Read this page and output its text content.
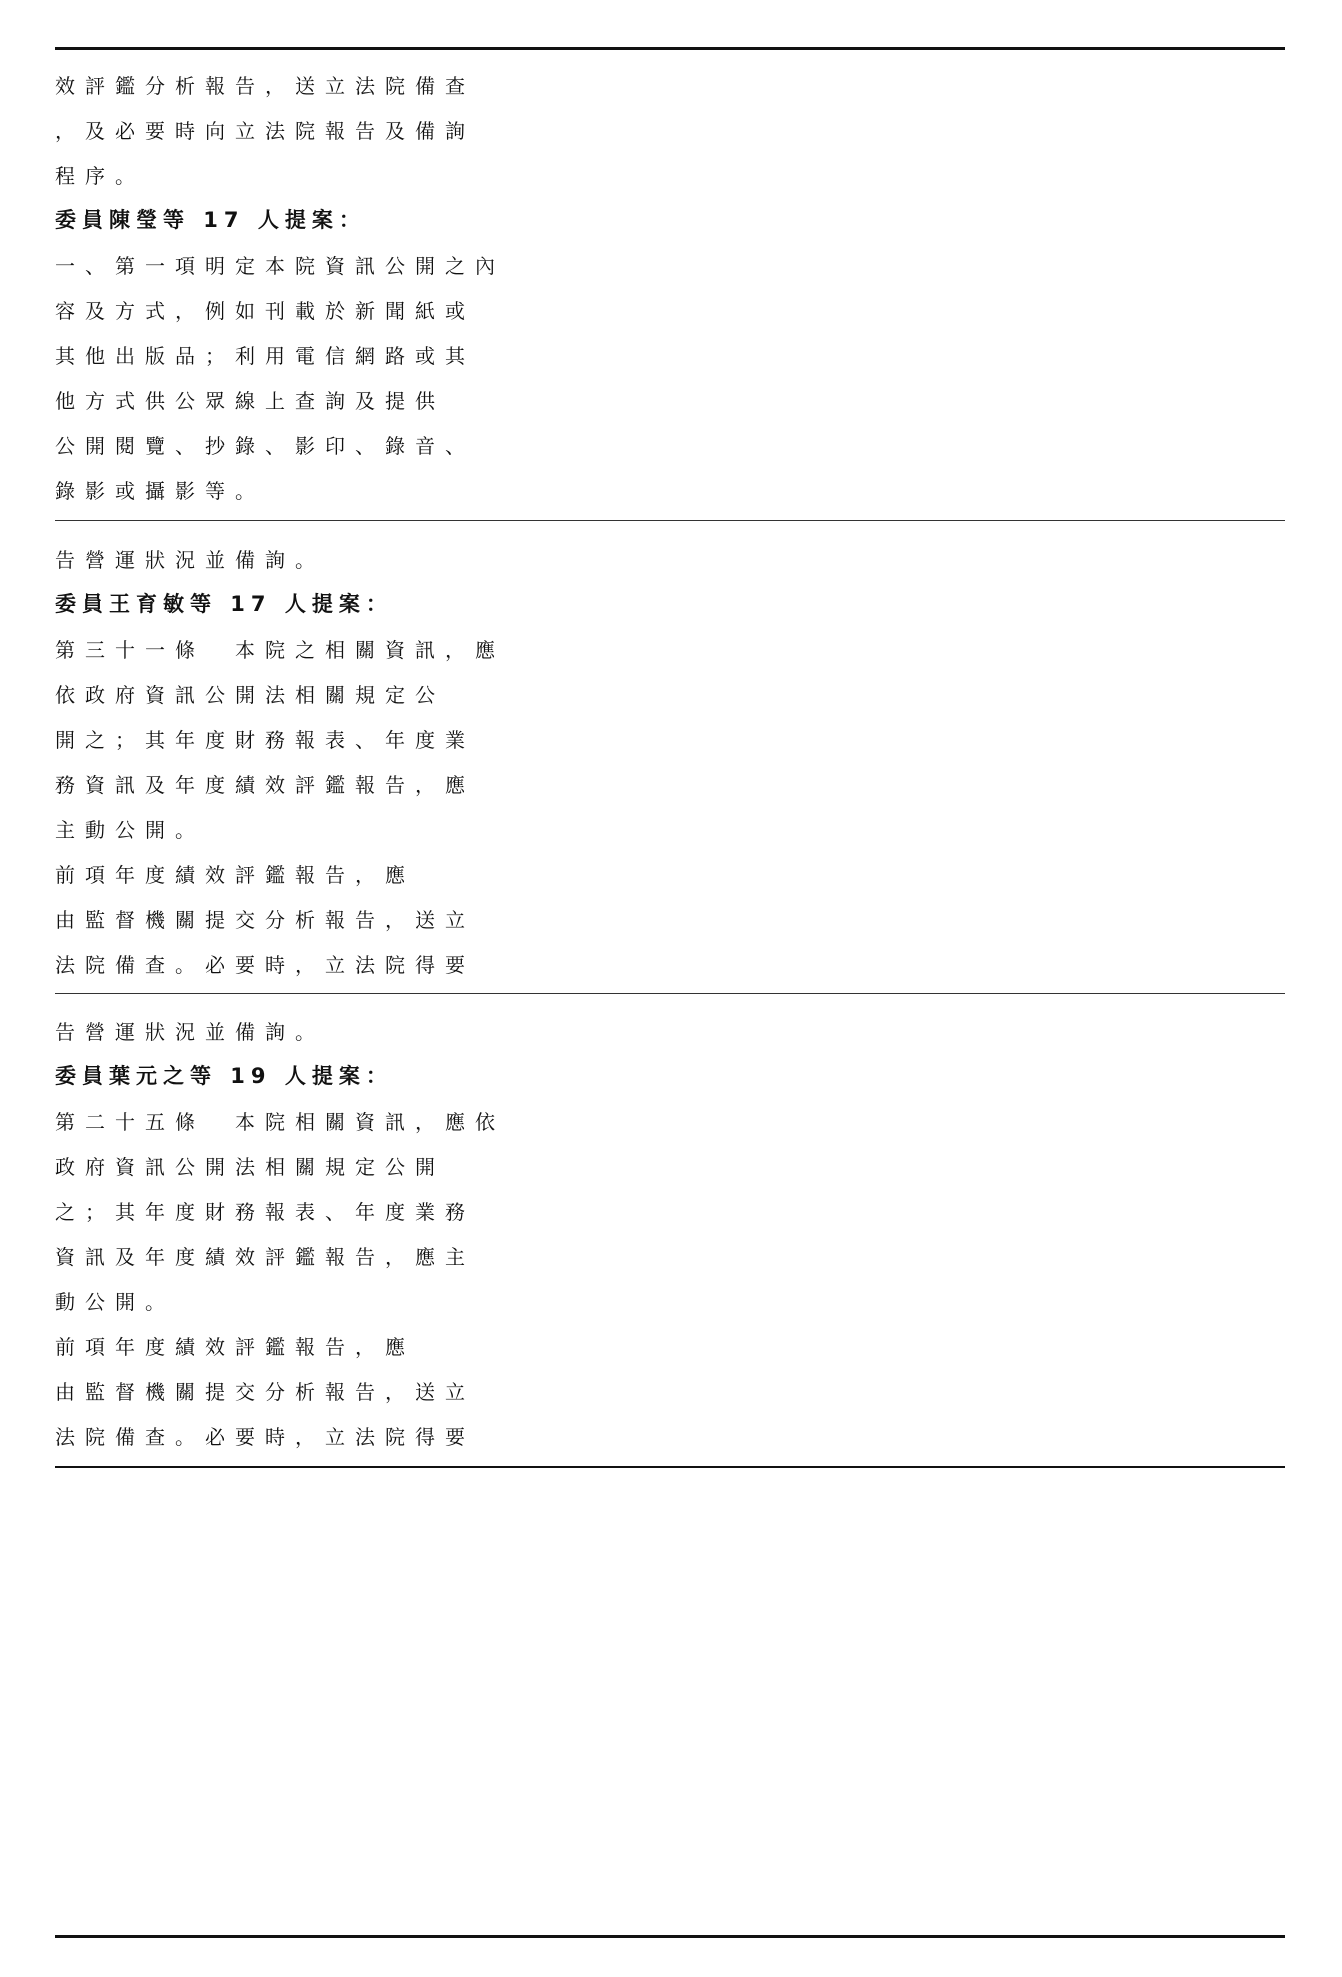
效評鑑分析報告，送立法院備查
，及必要時向立法院報告及備詢
程序。
委員陳瑩等 17 人提案：
一、第一項明定本院資訊公開之內
容及方式，例如刊載於新聞紙或
其他出版品；利用電信網路或其
他方式供公眾線上查詢及提供
公開閱覽、抄錄、影印、錄音、
錄影或攝影等。
告營運狀況並備詢。
委員王育敏等 17 人提案：
第三十一條　本院之相關資訊，應
依政府資訊公開法相關規定公
開之；其年度財務報表、年度業
務資訊及年度績效評鑑報告，應
主動公開。
前項年度績效評鑑報告，應
由監督機關提交分析報告，送立
法院備查。必要時，立法院得要
告營運狀況並備詢。
委員葉元之等 19 人提案：
第二十五條　本院相關資訊，應依
政府資訊公開法相關規定公開
之；其年度財務報表、年度業務
資訊及年度績效評鑑報告，應主
動公開。
前項年度績效評鑑報告，應
由監督機關提交分析報告，送立
法院備查。必要時，立法院得要
